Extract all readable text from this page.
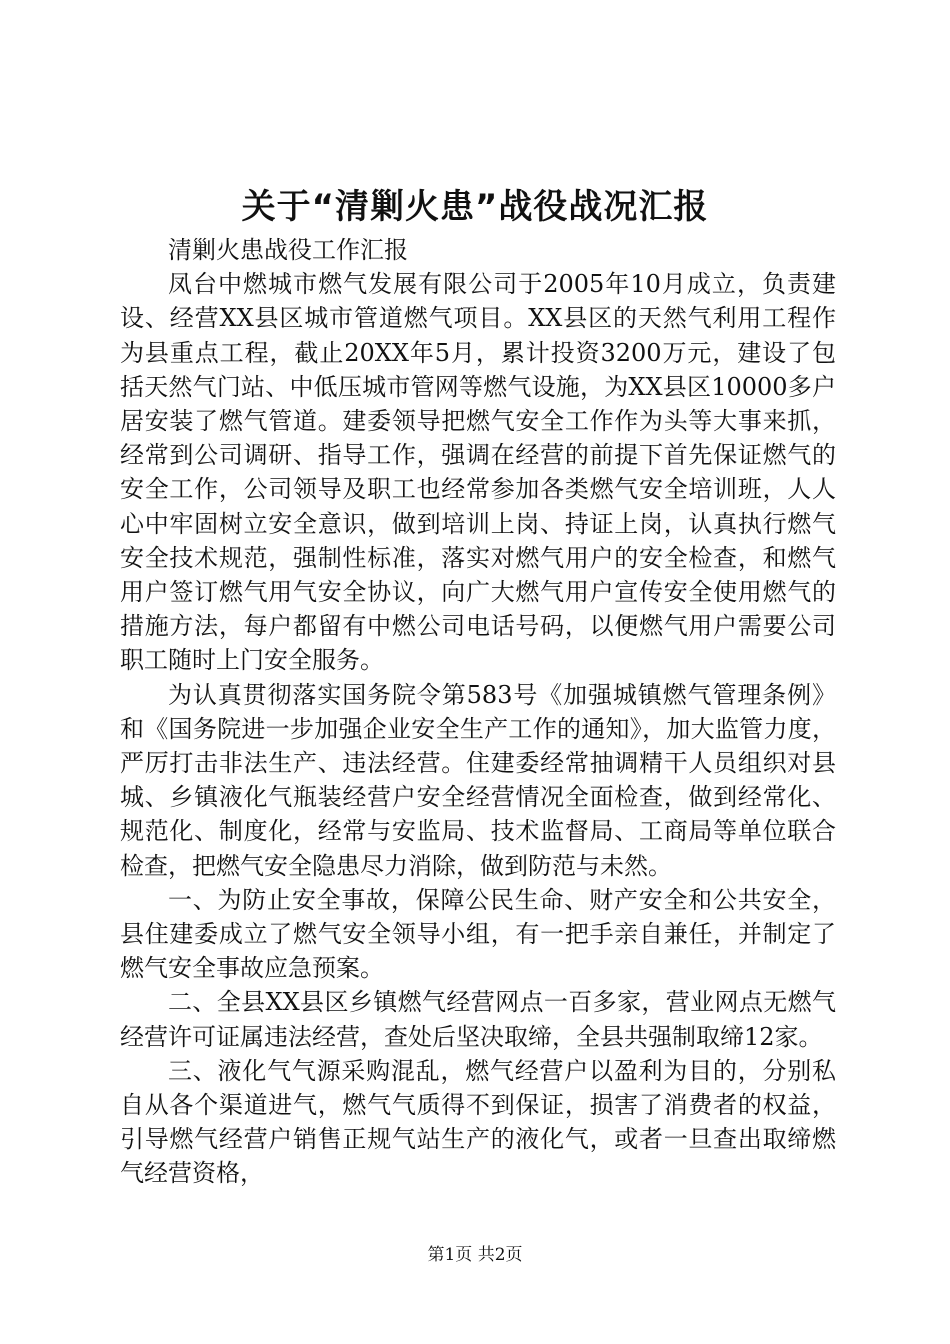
关于“清剿火患”战役战况汇报

清剿火患战役工作汇报

凤台中燃城市燃气发展有限公司于2005年10月成立，负责建设、经营XX县区城市管道燃气项目。XX县区的天然气利用工程作为县重点工程，截止20XX年5月，累计投资3200万元，建设了包括天然气门站、中低压城市管网等燃气设施，为XX县区10000多户居安装了燃气管道。建委领导把燃气安全工作作为头等大事来抓，经常到公司调研、指导工作，强调在经营的前提下首先保证燃气的安全工作，公司领导及职工也经常参加各类燃气安全培训班，人人心中牢固树立安全意识，做到培训上岗、持证上岗，认真执行燃气安全技术规范，强制性标准，落实对燃气用户的安全检查，和燃气用户签订燃气用气安全协议，向广大燃气用户宣传安全使用燃气的措施方法，每户都留有中燃公司电话号码，以便燃气用户需要公司职工随时上门安全服务。

为认真贯彻落实国务院令第583号《加强城镇燃气管理条例》和《国务院进一步加强企业安全生产工作的通知》，加大监管力度，严厉打击非法生产、违法经营。住建委经常抽调精干人员组织对县城、乡镇液化气瓶装经营户安全经营情况全面检查，做到经常化、规范化、制度化，经常与安监局、技术监督局、工商局等单位联合检查，把燃气安全隐患尽力消除，做到防范与未然。

一、为防止安全事故，保障公民生命、财产安全和公共安全，县住建委成立了燃气安全领导小组，有一把手亲自兼任，并制定了燃气安全事故应急预案。

二、全县XX县区乡镇燃气经营网点一百多家，营业网点无燃气经营许可证属违法经营，查处后坚决取缔，全县共强制取缔12家。

三、液化气气源采购混乱，燃气经营户以盈利为目的，分别私自从各个渠道进气，燃气气质得不到保证，损害了消费者的权益，引导燃气经营户销售正规气站生产的液化气，或者一旦查出取缔燃气经营资格，

第1页 共2页
